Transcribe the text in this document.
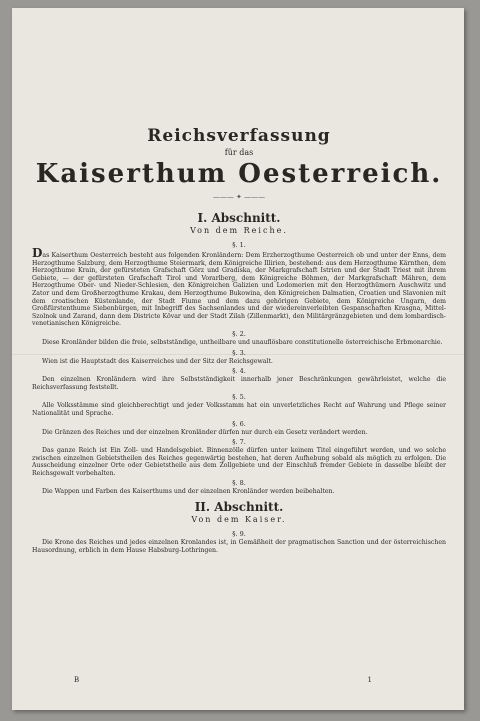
Reichsverfassung

für das

Kaiserthum Oesterreich.

——— ✦ ———

I. Abschnitt.

Von dem Reiche.

§. 1.

Das Kaiserthum Oesterreich besteht aus folgenden Kronländern: Dem Erzherzogthume Oesterreich ob und unter der Enns, dem Herzogthume Salzburg, dem Herzogthume Steiermark, dem Königreiche Illirien, bestehend: aus dem Herzogthume Kärnthen, dem Herzogthume Krain, der gefürsteten Grafschaft Görz und Gradiska, der Markgrafschaft Istrien und der Stadt Triest mit ihrem Gebiete, — der gefürsteten Grafschaft Tirol und Vorarlberg, dem Königreiche Böhmen, der Markgrafschaft Mähren, dem Herzogthume Ober- und Nieder-Schlesien, den Königreichen Galizien und Lodomerien mit den Herzogthümern Auschwitz und Zator und dem Großherzogthume Krakau, dem Herzogthume Bukowina, den Königreichen Dalmatien, Croatien und Slavonien mit dem croatischen Küstenlande, der Stadt Fiume und dem dazu gehörigen Gebiete, dem Königreiche Ungarn, dem Großfürstenthume Siebenbürgen, mit Inbegriff des Sachsenlandes und der wiedereinverleibten Gespanschaften Krasgna, Mittel-Szolnok und Zarand, dann dem Districte Kövar und der Stadt Zilah (Zillenmarkt), den Militärgränzgebieten und dem lombardisch-venetianischen Königreiche.

§. 2.

Diese Kronländer bilden die freie, selbstständige, untheilbare und unauflösbare constitutionelle österreichische Erbmonarchie.

§. 3.

Wien ist die Hauptstadt des Kaiserreiches und der Sitz der Reichsgewalt.

§. 4.

Den einzelnen Kronländern wird ihre Selbstständigkeit innerhalb jener Beschränkungen gewährleistet, welche die Reichsverfassung feststellt.

§. 5.

Alle Volksstämme sind gleichberechtigt und jeder Volksstamm hat ein unverletzliches Recht auf Wahrung und Pflege seiner Nationalität und Sprache.

§. 6.

Die Gränzen des Reiches und der einzelnen Kronländer dürfen nur durch ein Gesetz verändert werden.

§. 7.

Das ganze Reich ist Ein Zoll- und Handelsgebiet. Binnenzölle dürfen unter keinem Titel eingeführt werden, und wo solche zwischen einzelnen Gebietstheilen des Reiches gegenwärtig bestehen, hat deren Aufhebung sobald als möglich zu erfolgen. Die Ausscheidung einzelner Orte oder Gebietstheile aus dem Zollgebiete und der Einschluß fremder Gebiete in dasselbe bleibt der Reichsgewalt vorbehalten.

§. 8.

Die Wappen und Farben des Kaiserthums und der einzelnen Kronländer werden beibehalten.

II. Abschnitt.

Von dem Kaiser.

§. 9.

Die Krone des Reiches und jedes einzelnen Kronlandes ist, in Gemäßheit der pragmatischen Sanction und der österreichischen Hausordnung, erblich in dem Hause Habsburg-Lothringen.

B	1
